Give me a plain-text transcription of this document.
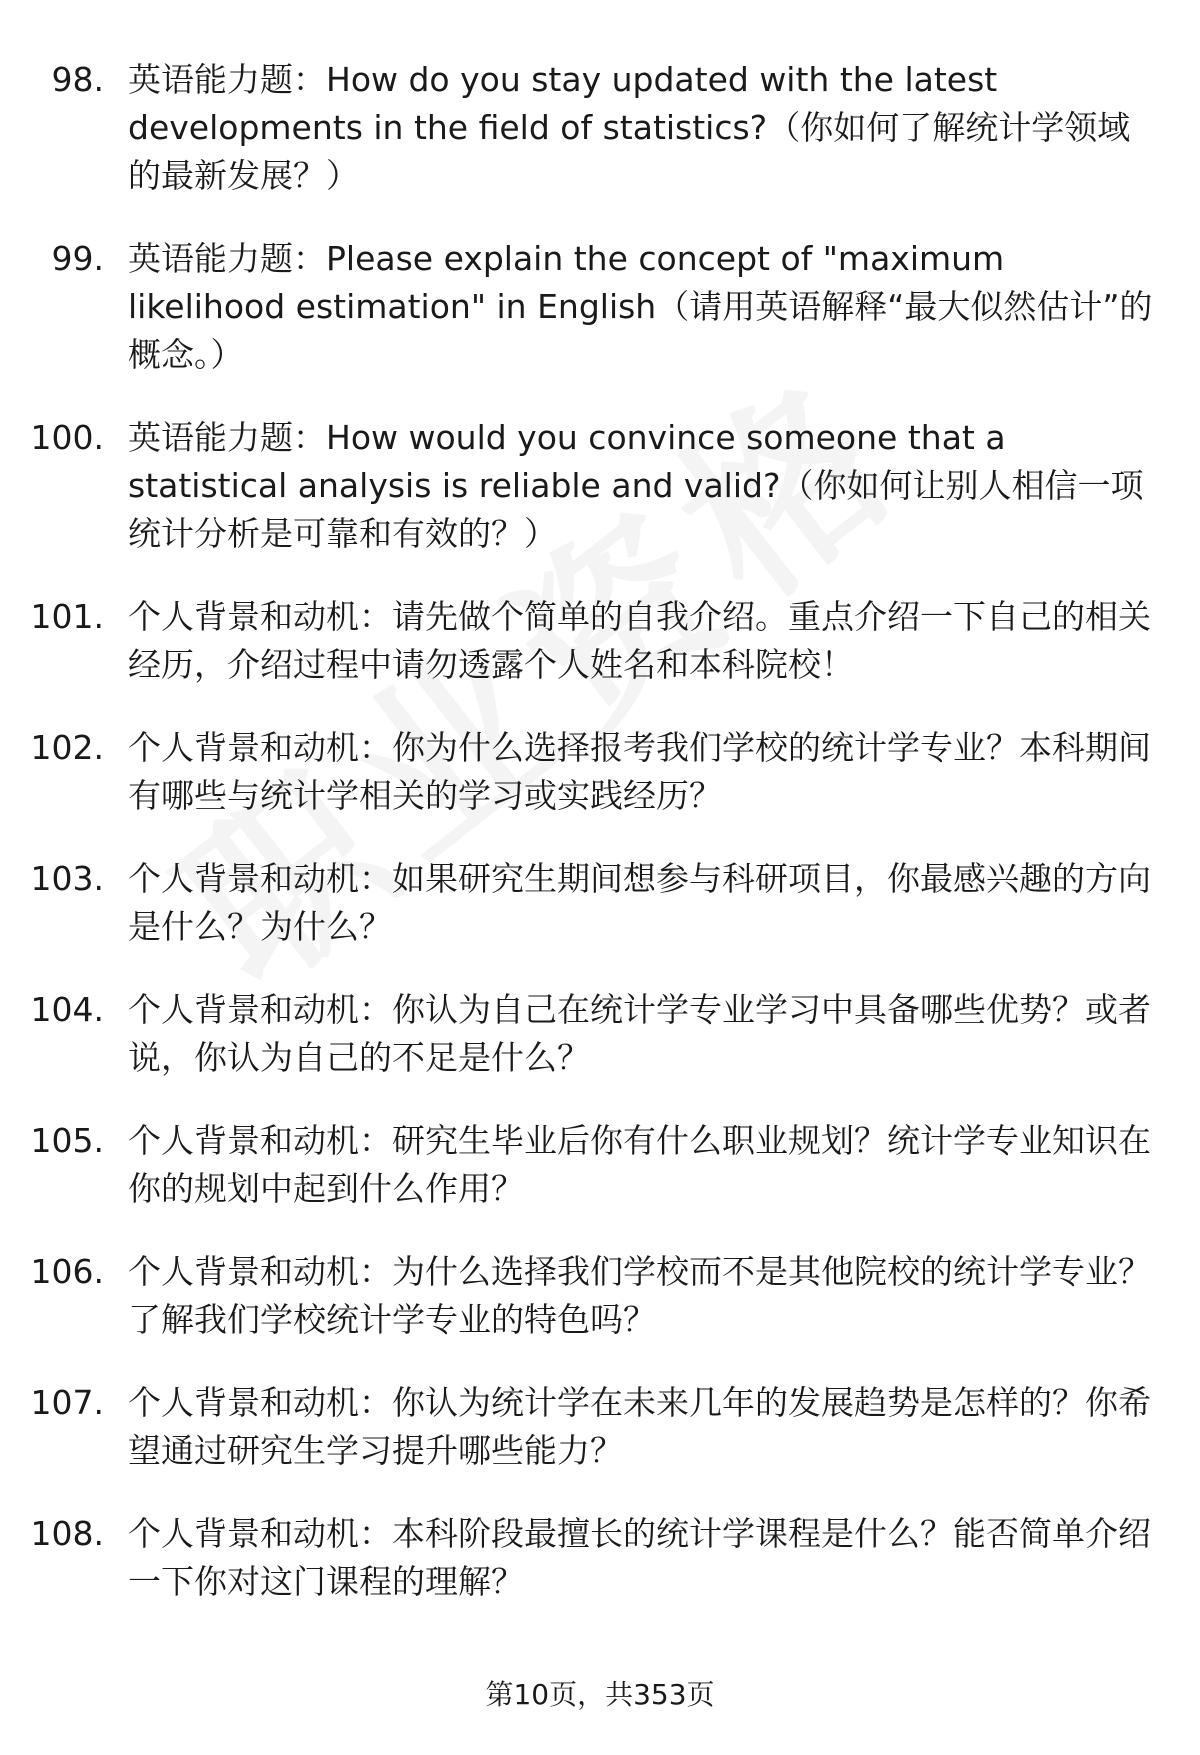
98. 英语能力题：How do you stay updated with the latest developments in the field of statistics?（你如何了解统计学领域的最新发展？）
99. 英语能力题：Please explain the concept of "maximum likelihood estimation" in English（请用英语解释“最大似然估计”的概念。）
100. 英语能力题：How would you convince someone that a statistical analysis is reliable and valid?（你如何让别人相信一项统计分析是可靠和有效的？）
101. 个人背景和动机：请先做个简单的自我介绍。重点介绍一下自己的相关经历，介绍过程中请勿透露个人姓名和本科院校！
102. 个人背景和动机：你为什么选择报考我们学校的统计学专业？本科期间有哪些与统计学相关的学习或实践经历？
103. 个人背景和动机：如果研究生期间想参与科研项目，你最感兴趣的方向是什么？为什么？
104. 个人背景和动机：你认为自己在统计学专业学习中具备哪些优势？或者说，你认为自己的不足是什么？
105. 个人背景和动机：研究生毕业后你有什么职业规划？统计学专业知识在你的规划中起到什么作用？
106. 个人背景和动机：为什么选择我们学校而不是其他院校的统计学专业？了解我们学校统计学专业的特色吗？
107. 个人背景和动机：你认为统计学在未来几年的发展趋势是怎样的？你希望通过研究生学习提升哪些能力？
108. 个人背景和动机：本科阶段最擅长的统计学课程是什么？能否简单介绍一下你对这门课程的理解？
第10页，共353页
